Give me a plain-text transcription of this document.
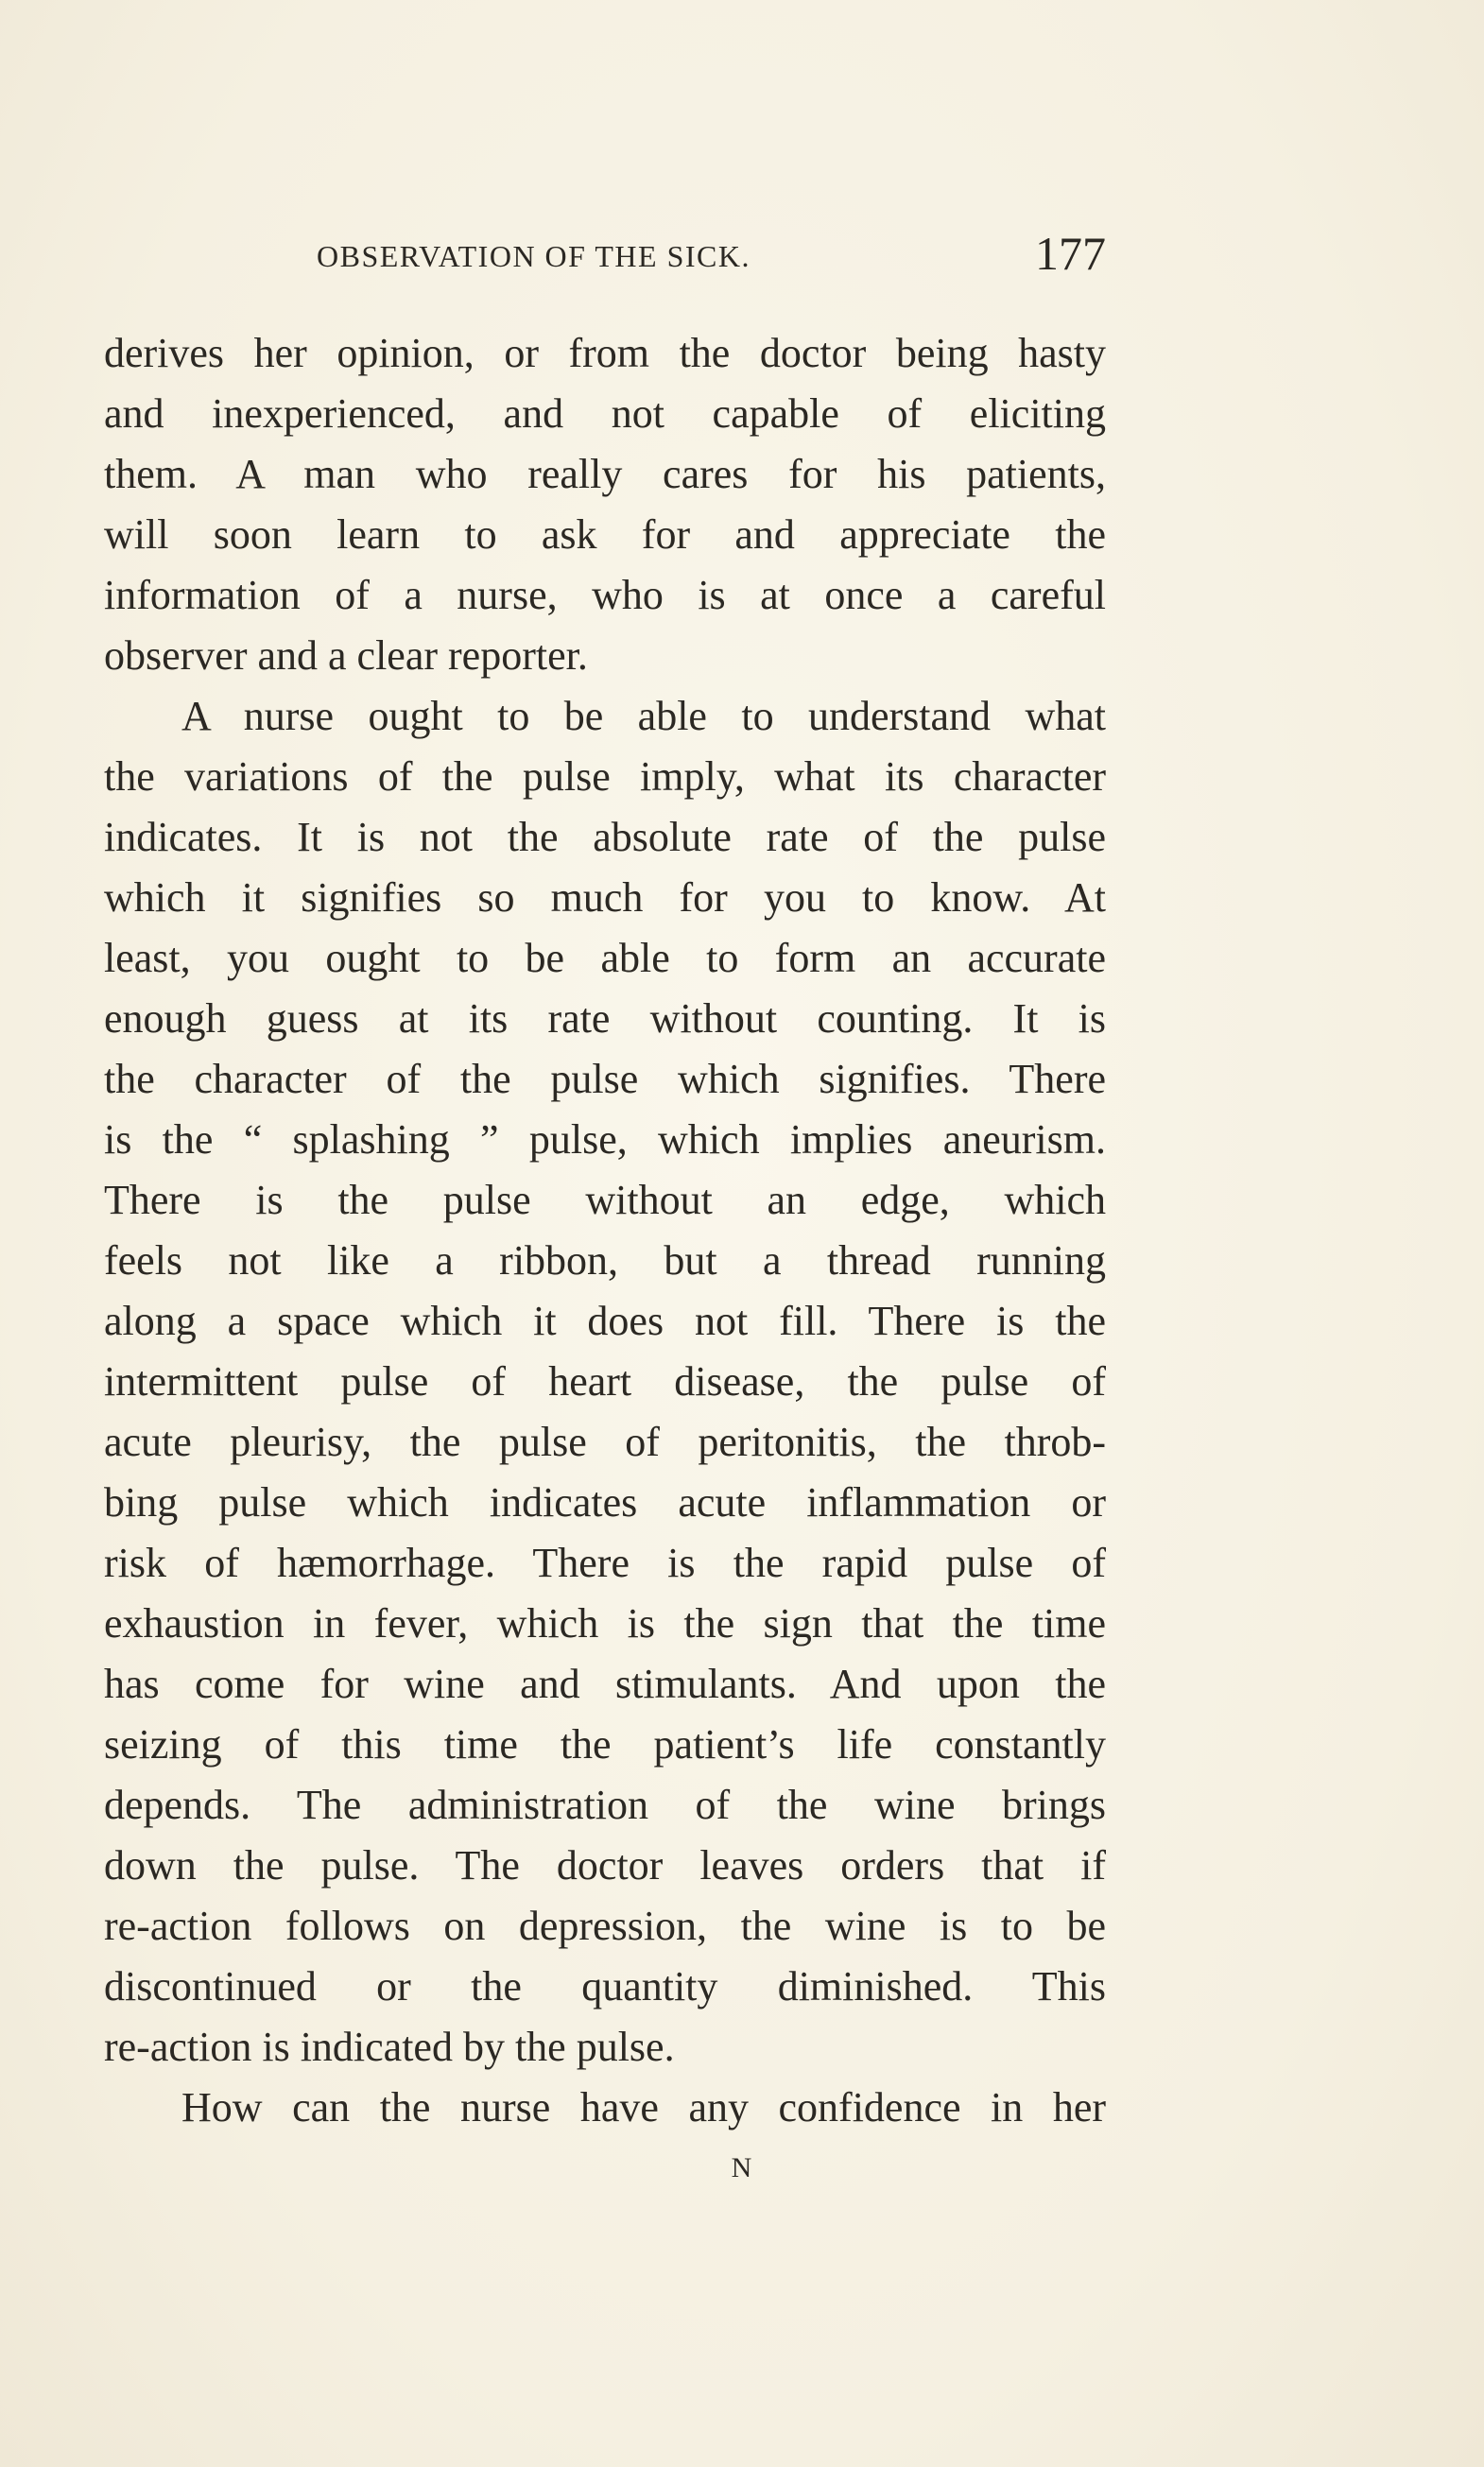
OBSERVATION OF THE SICK.	177
derives her opinion, or from the doctor being hasty
and inexperienced, and not capable of eliciting
them. A man who really cares for his patients,
will soon learn to ask for and appreciate the
information of a nurse, who is at once a careful
observer and a clear reporter.
A nurse ought to be able to understand what
the variations of the pulse imply, what its character
indicates. It is not the absolute rate of the pulse
which it signifies so much for you to know. At
least, you ought to be able to form an accurate
enough guess at its rate without counting. It is
the character of the pulse which signifies. There
is the “ splashing ” pulse, which implies aneurism.
There is the pulse without an edge, which
feels not like a ribbon, but a thread running
along a space which it does not fill. There is the
intermittent pulse of heart disease, the pulse of
acute pleurisy, the pulse of peritonitis, the throb-
bing pulse which indicates acute inflammation or
risk of hæmorrhage. There is the rapid pulse of
exhaustion in fever, which is the sign that the time
has come for wine and stimulants. And upon the
seizing of this time the patient’s life constantly
depends. The administration of the wine brings
down the pulse. The doctor leaves orders that if
re-action follows on depression, the wine is to be
discontinued or the quantity diminished. This
re-action is indicated by the pulse.
How can the nurse have any confidence in her
N
